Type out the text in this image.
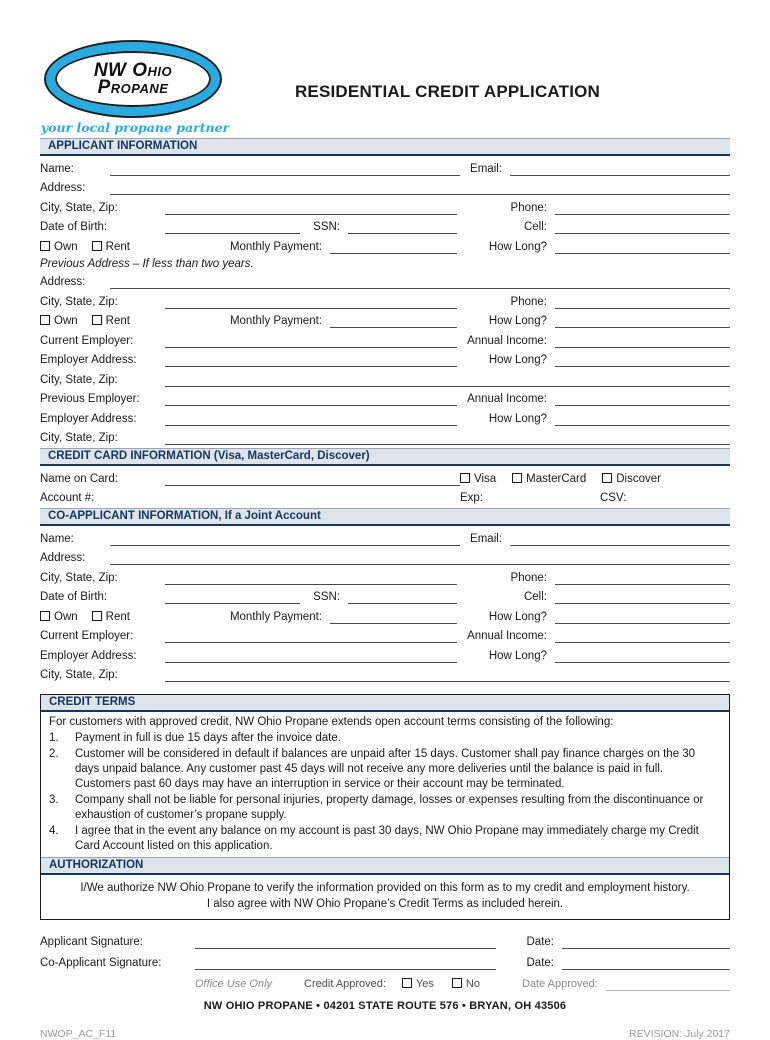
NW Ohio
Propane
your local propane partner
RESIDENTIAL CREDIT APPLICATION
APPLICANT INFORMATION
Name:	Email:
Address:
City, State, Zip:	Phone:
Date of Birth:	SSN:	Cell:
Own Rent	Monthly Payment:	How Long?
Previous Address – If less than two years.
Address:
City, State, Zip:	Phone:
Own Rent	Monthly Payment:	How Long?
Current Employer:	Annual Income:
Employer Address:	How Long?
City, State, Zip:
Previous Employer:	Annual Income:
Employer Address:	How Long?
City, State, Zip:
CREDIT CARD INFORMATION (Visa, MasterCard, Discover)
Name on Card:	Visa	MasterCard	Discover
Account #:	Exp:	CSV:
CO-APPLICANT INFORMATION, If a Joint Account
Name:	Email:
Address:
City, State, Zip:	Phone:
Date of Birth:	SSN:	Cell:
Own Rent	Monthly Payment:	How Long?
Current Employer:	Annual Income:
Employer Address:	How Long?
City, State, Zip:
CREDIT TERMS
For customers with approved credit, NW Ohio Propane extends open account terms consisting of the following:
1.	Payment in full is due 15 days after the invoice date.
2.	Customer will be considered in default if balances are unpaid after 15 days. Customer shall pay finance charges on the 30 days unpaid balance. Any customer past 45 days will not receive any more deliveries until the balance is paid in full. Customers past 60 days may have an interruption in service or their account may be terminated.
3.	Company shall not be liable for personal injuries, property damage, losses or expenses resulting from the discontinuance or exhaustion of customer’s propane supply.
4.	I agree that in the event any balance on my account is past 30 days, NW Ohio Propane may immediately charge my Credit Card Account listed on this application.
AUTHORIZATION
I/We authorize NW Ohio Propane to verify the information provided on this form as to my credit and employment history.
I also agree with NW Ohio Propane’s Credit Terms as included herein.
Applicant Signature:	Date:
Co-Applicant Signature:	Date:
Office Use Only	Credit Approved:	Yes	No	Date Approved:
NW OHIO PROPANE • 04201 STATE ROUTE 576 • BRYAN, OH 43506
NWOP_AC_F11	REVISION: July 2017
